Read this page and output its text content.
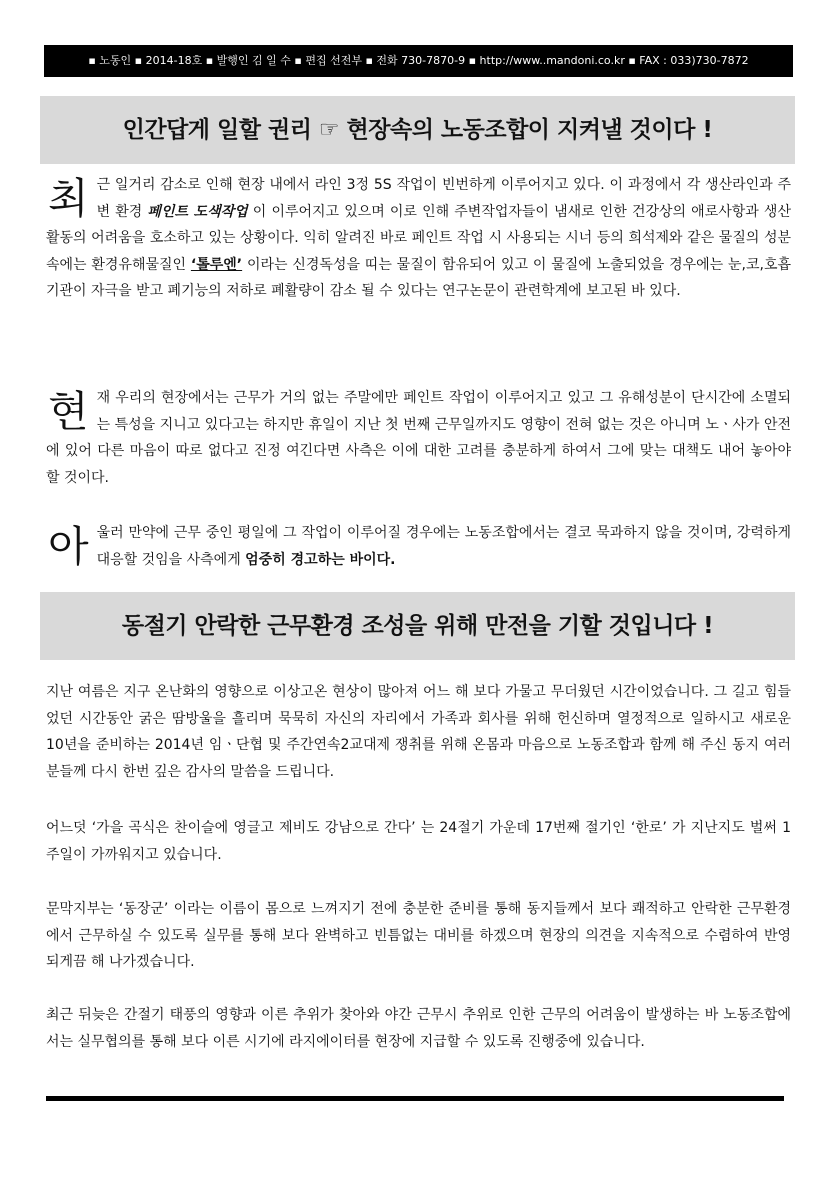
▪ 노동인 ▪ 2014-18호 ▪ 발행인 김 일 수 ▪ 편집 선전부 ▪ 전화 730-7870-9 ▪ http://www..mandoni.co.kr ▪ FAX : 033)730-7872
인간답게 일할 권리 ☞ 현장속의 노동조합이 지켜낼 것이다 !

최근 일거리 감소로 인해 현장 내에서 라인 3정 5S 작업이 빈번하게 이루어지고 있다. 이 과정에서 각 생산라인과 주변 환경 페인트 도색작업 이 이루어지고 있으며 이로 인해 주변작업자들이 냄새로 인한 건강상의 애로사항과 생산 활동의 어려움을 호소하고 있는 상황이다. 익히 알려진 바로 페인트 작업 시 사용되는 시너 등의 희석제와 같은 물질의 성분 속에는 환경유해물질인 ‘톨루엔’ 이라는 신경독성을 띠는 물질이 함유되어 있고 이 물질에 노출되었을 경우에는 눈,코,호흡기관이 자극을 받고 폐기능의 저하로 폐활량이 감소 될 수 있다는 연구논문이 관련학계에 보고된 바 있다.

현재 우리의 현장에서는 근무가 거의 없는 주말에만 페인트 작업이 이루어지고 있고 그 유해성분이 단시간에 소멸되는 특성을 지니고 있다고는 하지만 휴일이 지난 첫 번째 근무일까지도 영향이 전혀 없는 것은 아니며 노ㆍ사가 안전에 있어 다른 마음이 따로 없다고 진정 여긴다면 사측은 이에 대한 고려를 충분하게 하여서 그에 맞는 대책도 내어 놓아야 할 것이다.

아울러 만약에 근무 중인 평일에 그 작업이 이루어질 경우에는 노동조합에서는 결코 묵과하지 않을 것이며, 강력하게 대응할 것임을 사측에게 엄중히 경고하는 바이다.

동절기 안락한 근무환경 조성을 위해 만전을 기할 것입니다 !

지난 여름은 지구 온난화의 영향으로 이상고온 현상이 많아져 어느 해 보다 가물고 무더웠던 시간이었습니다. 그 길고 힘들었던 시간동안 굵은 땀방울을 흘리며 묵묵히 자신의 자리에서 가족과 회사를 위해 헌신하며 열정적으로 일하시고 새로운 10년을 준비하는 2014년 임ㆍ단협 및 주간연속2교대제 쟁취를 위해 온몸과 마음으로 노동조합과 함께 해 주신 동지 여러분들께 다시 한번 깊은 감사의 말씀을 드립니다.

어느덧 ‘가을 곡식은 찬이슬에 영글고 제비도 강남으로 간다’ 는 24절기 가운데 17번째 절기인 ‘한로’ 가 지난지도 벌써 1주일이 가까워지고 있습니다.

문막지부는 ‘동장군’ 이라는 이름이 몸으로 느껴지기 전에 충분한 준비를 통해 동지들께서 보다 쾌적하고 안락한 근무환경에서 근무하실 수 있도록 실무를 통해 보다 완벽하고 빈틈없는 대비를 하겠으며 현장의 의견을 지속적으로 수렴하여 반영 되게끔 해 나가겠습니다.

최근 뒤늦은 간절기 태풍의 영향과 이른 추위가 찾아와 야간 근무시 추위로 인한 근무의 어려움이 발생하는 바 노동조합에서는 실무협의를 통해 보다 이른 시기에 라지에이터를 현장에 지급할 수 있도록 진행중에 있습니다.
